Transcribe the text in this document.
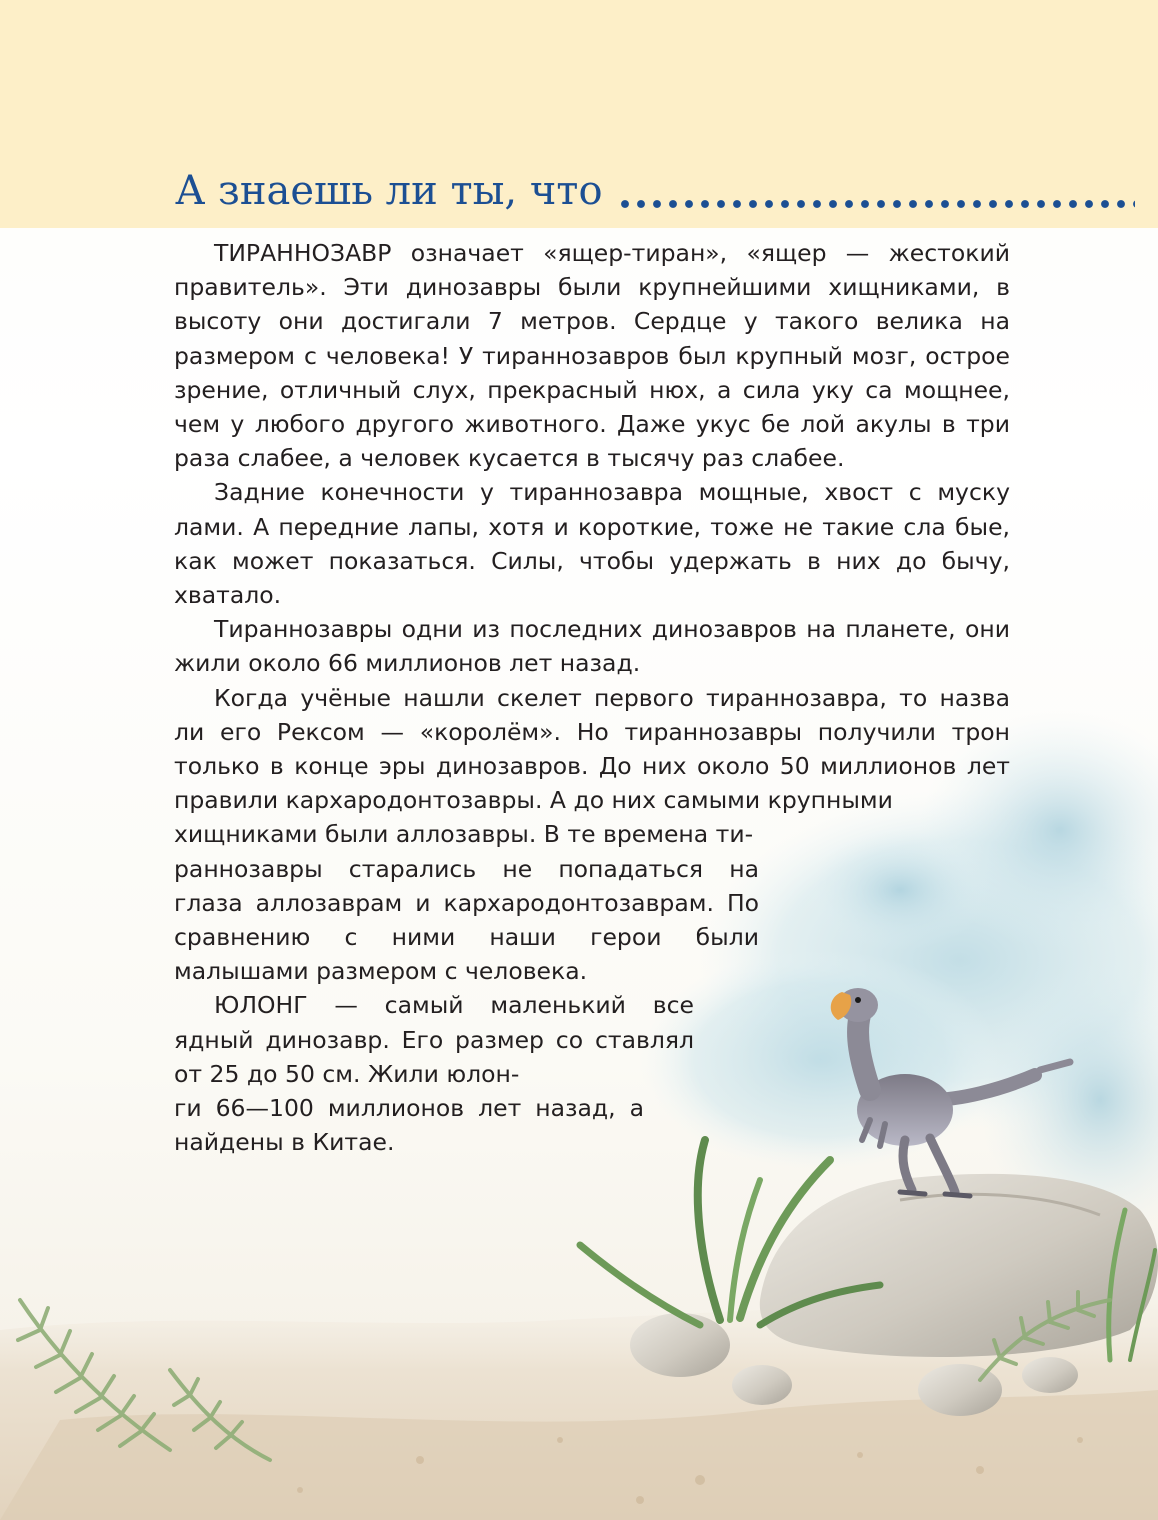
А знаешь ли ты, что

ТИРАННОЗАВР означает «ящер-тиран», «ящер — жестокий правитель». Эти динозавры были крупнейшими хищниками, в высоту они достигали 7 метров. Сердце у такого велика на размером с человека! У тираннозавров был крупный мозг, острое зрение, отличный слух, прекрасный нюх, а сила уку са мощнее, чем у любого другого животного. Даже укус бе лой акулы в три раза слабее, а человек кусается в тысячу раз слабее.

Задние конечности у тираннозавра мощные, хвост с муску лами. А передние лапы, хотя и короткие, тоже не такие сла бые, как может показаться. Силы, чтобы удержать в них до бычу, хватало.

Тираннозавры одни из последних динозавров на планете, они жили около 66 миллионов лет назад.

Когда учёные нашли скелет первого тираннозавра, то назва ли его Рексом — «королём». Но тираннозавры получили трон только в конце эры динозавров. До них около 50 миллионов лет правили кархародонтозавры. А до них самыми крупными

хищниками были аллозавры. В те времена ти-

раннозавры старались не попадаться на глаза аллозаврам и кархародонтозаврам. По сравнению с ними наши герои были малышами размером с человека.

ЮЛОНГ — самый маленький все ядный динозавр. Его размер со ставлял от 25 до 50 см. Жили юлон-

ги 66—100 миллионов лет назад, а найдены в Китае.
